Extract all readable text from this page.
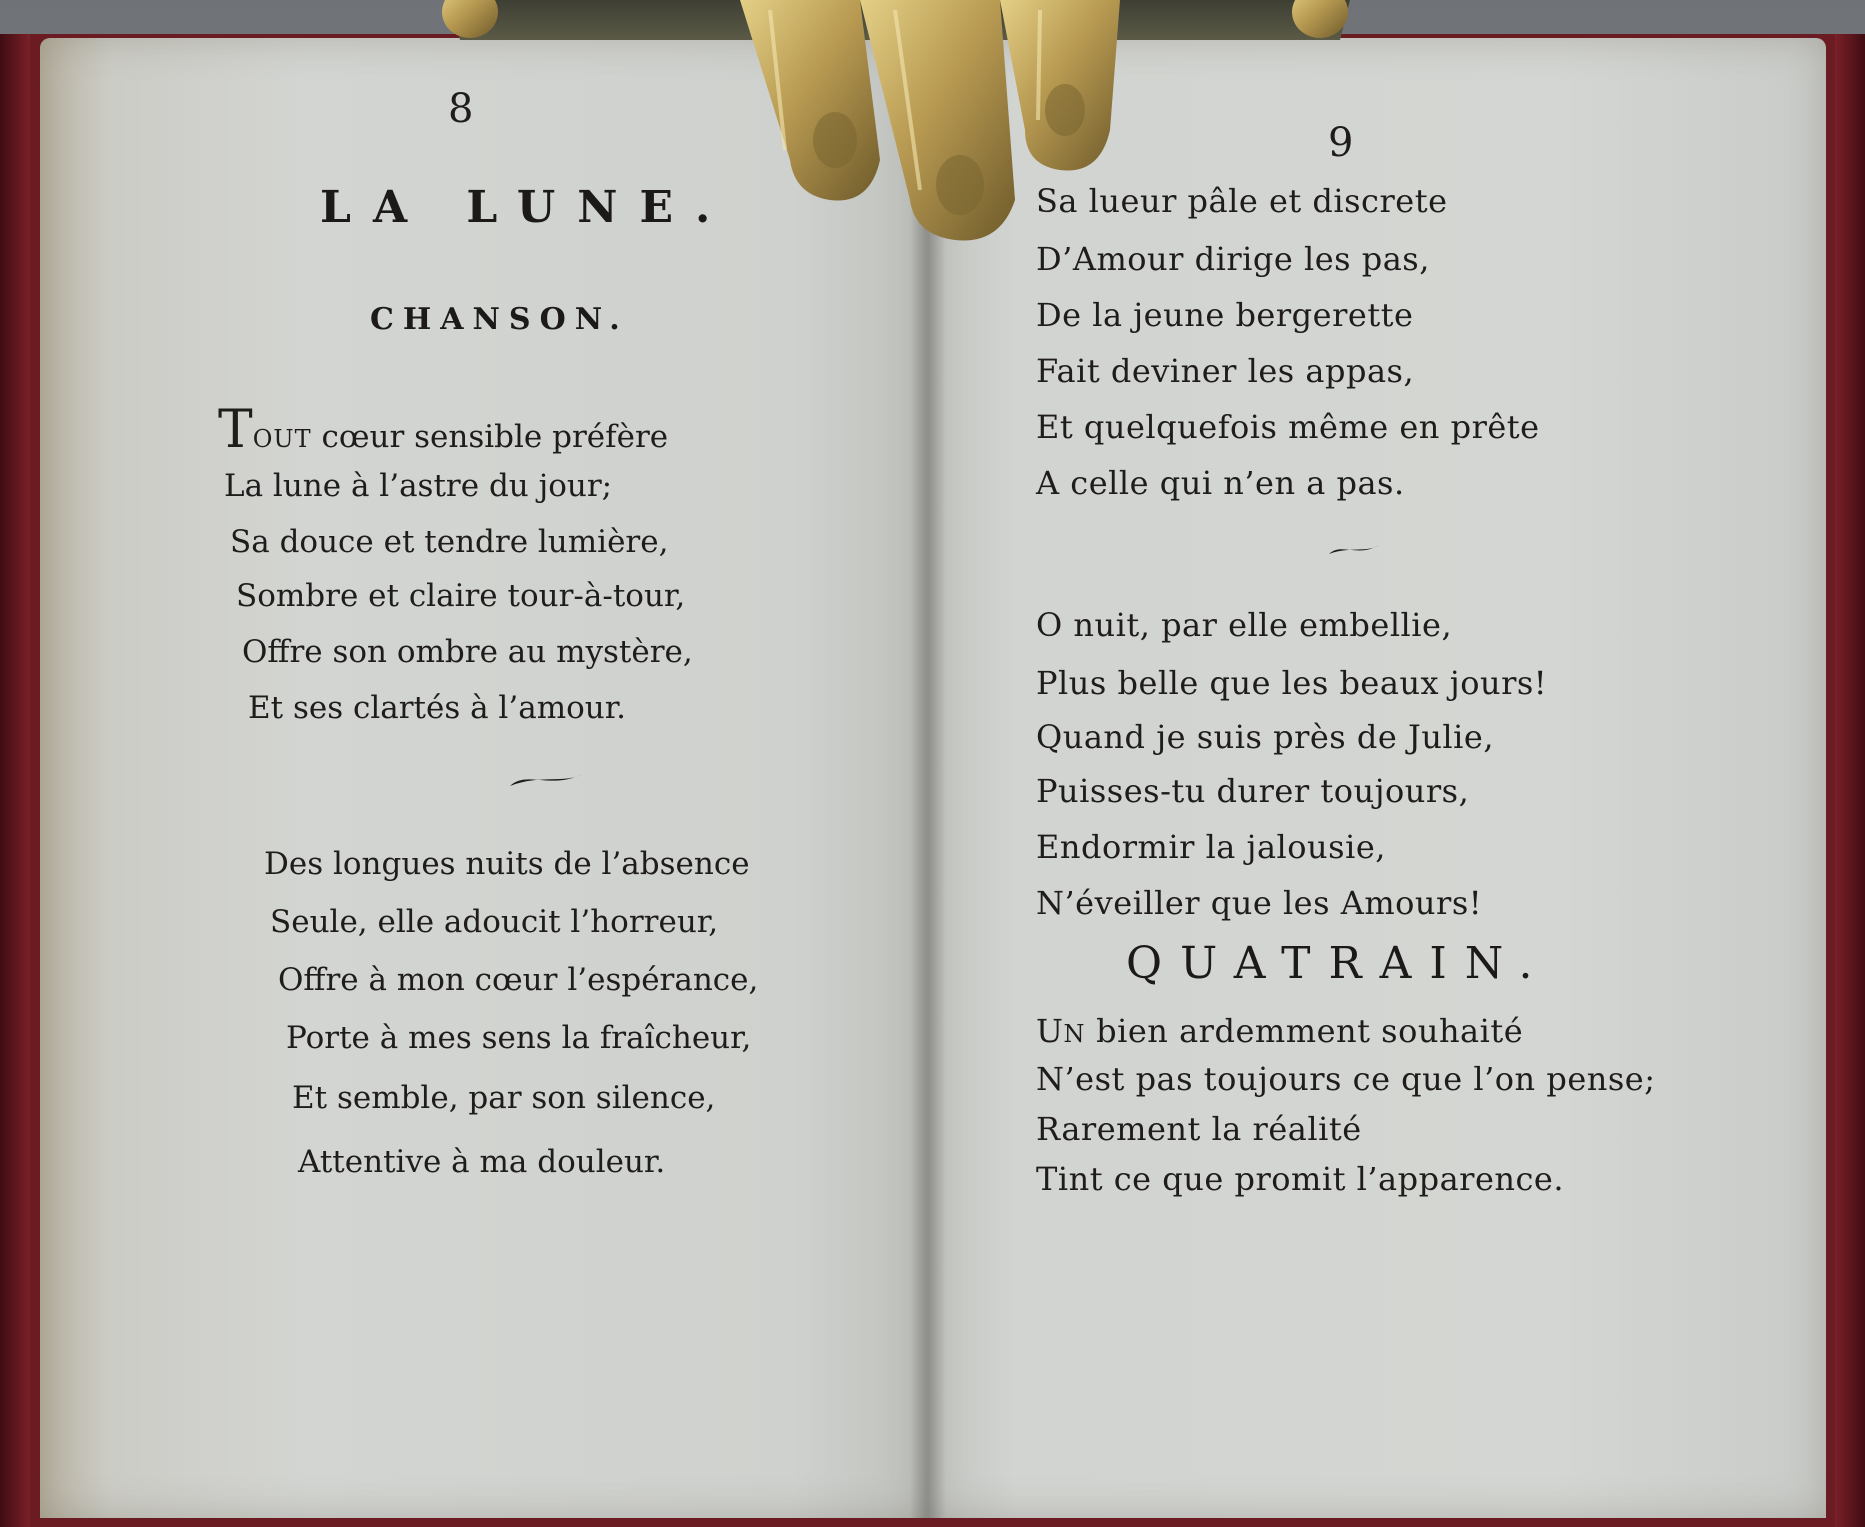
8

LA LUNE.
CHANSON.
TOUT cœur sensible préfère
La lune à l’astre du jour;
Sa douce et tendre lumière,
Sombre et claire tour-à-tour,
Offre son ombre au mystère,
Et ses clartés à l’amour.
Des longues nuits de l’absence
Seule, elle adoucit l’horreur,
Offre à mon cœur l’espérance,
Porte à mes sens la fraîcheur,
Et semble, par son silence,
Attentive à ma douleur.

9

Sa lueur pâle et discrete
D’Amour dirige les pas,
De la jeune bergerette
Fait deviner les appas,
Et quelquefois même en prête
A celle qui n’en a pas.
O nuit, par elle embellie,
Plus belle que les beaux jours!
Quand je suis près de Julie,
Puisses-tu durer toujours,
Endormir la jalousie,
N’éveiller que les Amours!
QUATRAIN.
UN bien ardemment souhaité
N’est pas toujours ce que l’on pense;
Rarement la réalité
Tint ce que promit l’apparence.
